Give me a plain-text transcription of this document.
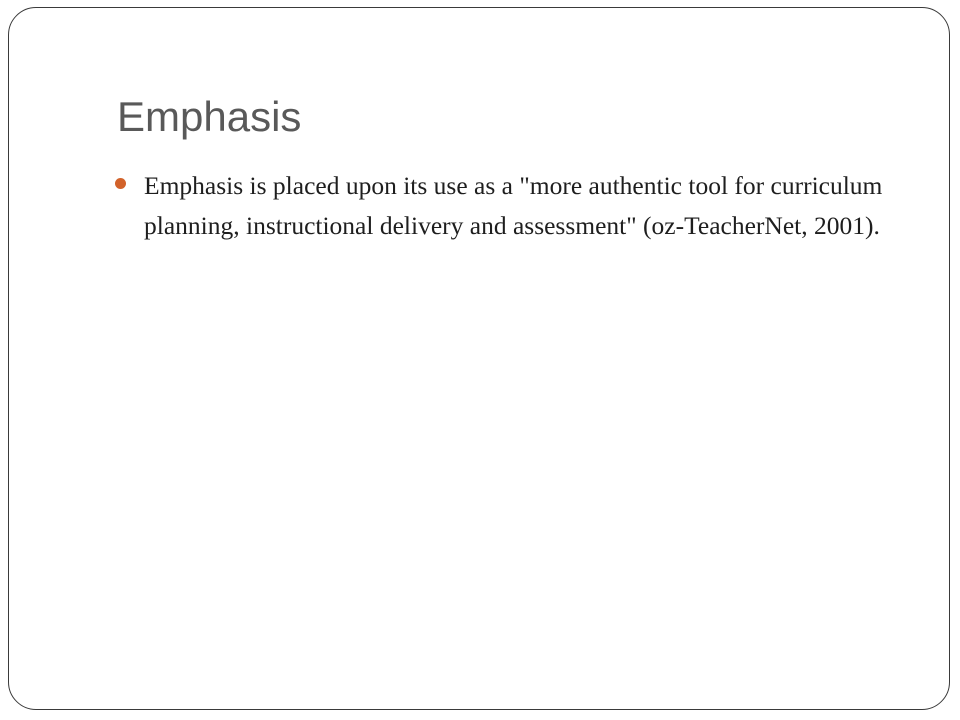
Emphasis
Emphasis is placed upon its use as a "more authentic tool for curriculum planning, instructional delivery and assessment" (oz-TeacherNet, 2001).
